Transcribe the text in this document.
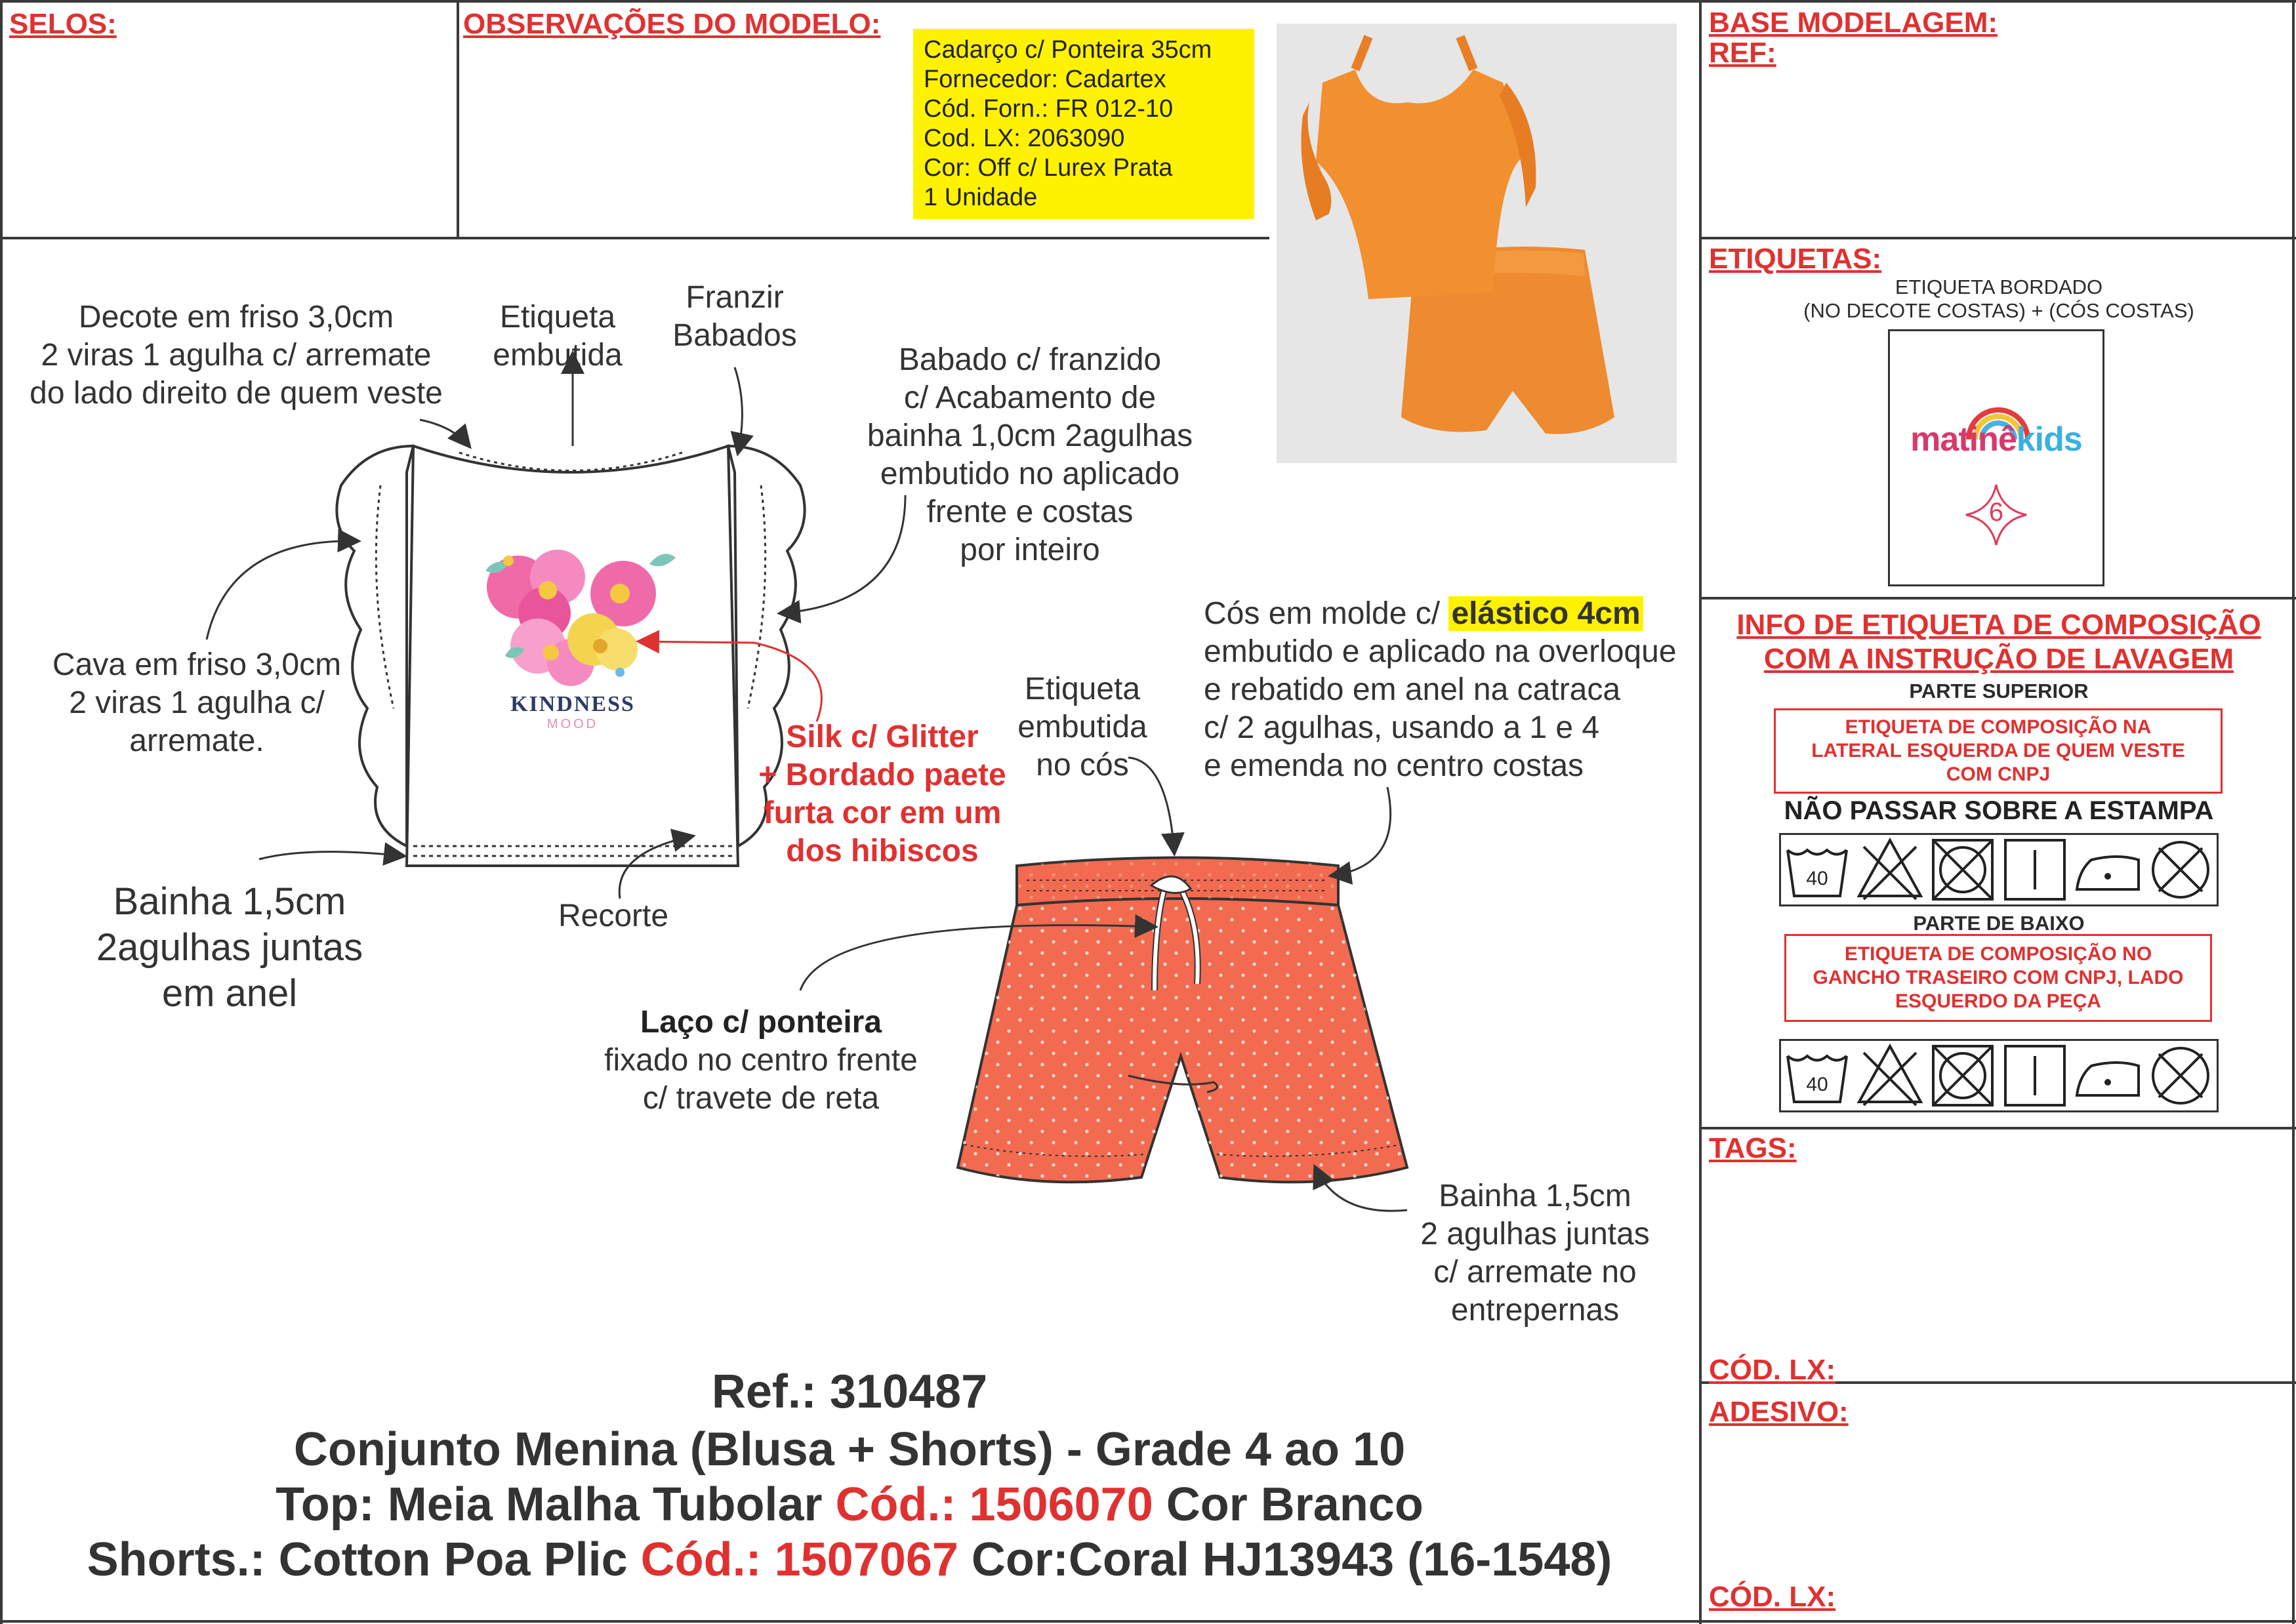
SELOS:	OBSERVAÇÕES DO MODELO:
Cadarço c/ Ponteira 35cm
Fornecedor: Cadartex
Cód. Forn.: FR 012-10
Cod. LX: 2063090
Cor: Off c/ Lurex Prata
1 Unidade
BASE MODELAGEM:
REF:
ETIQUETAS:
ETIQUETA BORDADO
(NO DECOTE COSTAS) + (CÓS COSTAS)
matinêkids
6
INFO DE ETIQUETA DE COMPOSIÇÃO
COM A INSTRUÇÃO DE LAVAGEM
PARTE SUPERIOR
ETIQUETA DE COMPOSIÇÃO NA
LATERAL ESQUERDA DE QUEM VESTE
COM CNPJ
NÃO PASSAR SOBRE A ESTAMPA
40
PARTE DE BAIXO
ETIQUETA DE COMPOSIÇÃO NO
GANCHO TRASEIRO COM CNPJ, LADO
ESQUERDO DA PEÇA
40
TAGS:
CÓD. LX:
ADESIVO:
CÓD. LX:
KINDNESS
MOOD
Decote em friso 3,0cm
2 viras 1 agulha c/ arremate
do lado direito de quem veste
Etiqueta
embutida
Franzir
Babados
Babado c/ franzido
c/ Acabamento de
bainha 1,0cm 2agulhas
embutido no aplicado
frente e costas
por inteiro
Cava em friso 3,0cm
2 viras 1 agulha c/
arremate.	Silk c/ Glitter
+ Bordado paete
furta cor em um
dos hibiscos
Bainha 1,5cm
2agulhas juntas
em anel
Recorte
Etiqueta
embutida
no cós
Cós em molde c/ elástico 4cm
embutido e aplicado na overloque
e rebatido em anel na catraca
c/ 2 agulhas, usando a 1 e 4
e emenda no centro costas
Laço c/ ponteira
fixado no centro frente
c/ travete de reta
Bainha 1,5cm
2 agulhas juntas
c/ arremate no
entrepernas
Ref.: 310487
Conjunto Menina (Blusa + Shorts) - Grade 4 ao 10
Top: Meia Malha Tubolar Cód.: 1506070 Cor Branco
Shorts.: Cotton Poa Plic Cód.: 1507067 Cor:Coral HJ13943 (16-1548)
